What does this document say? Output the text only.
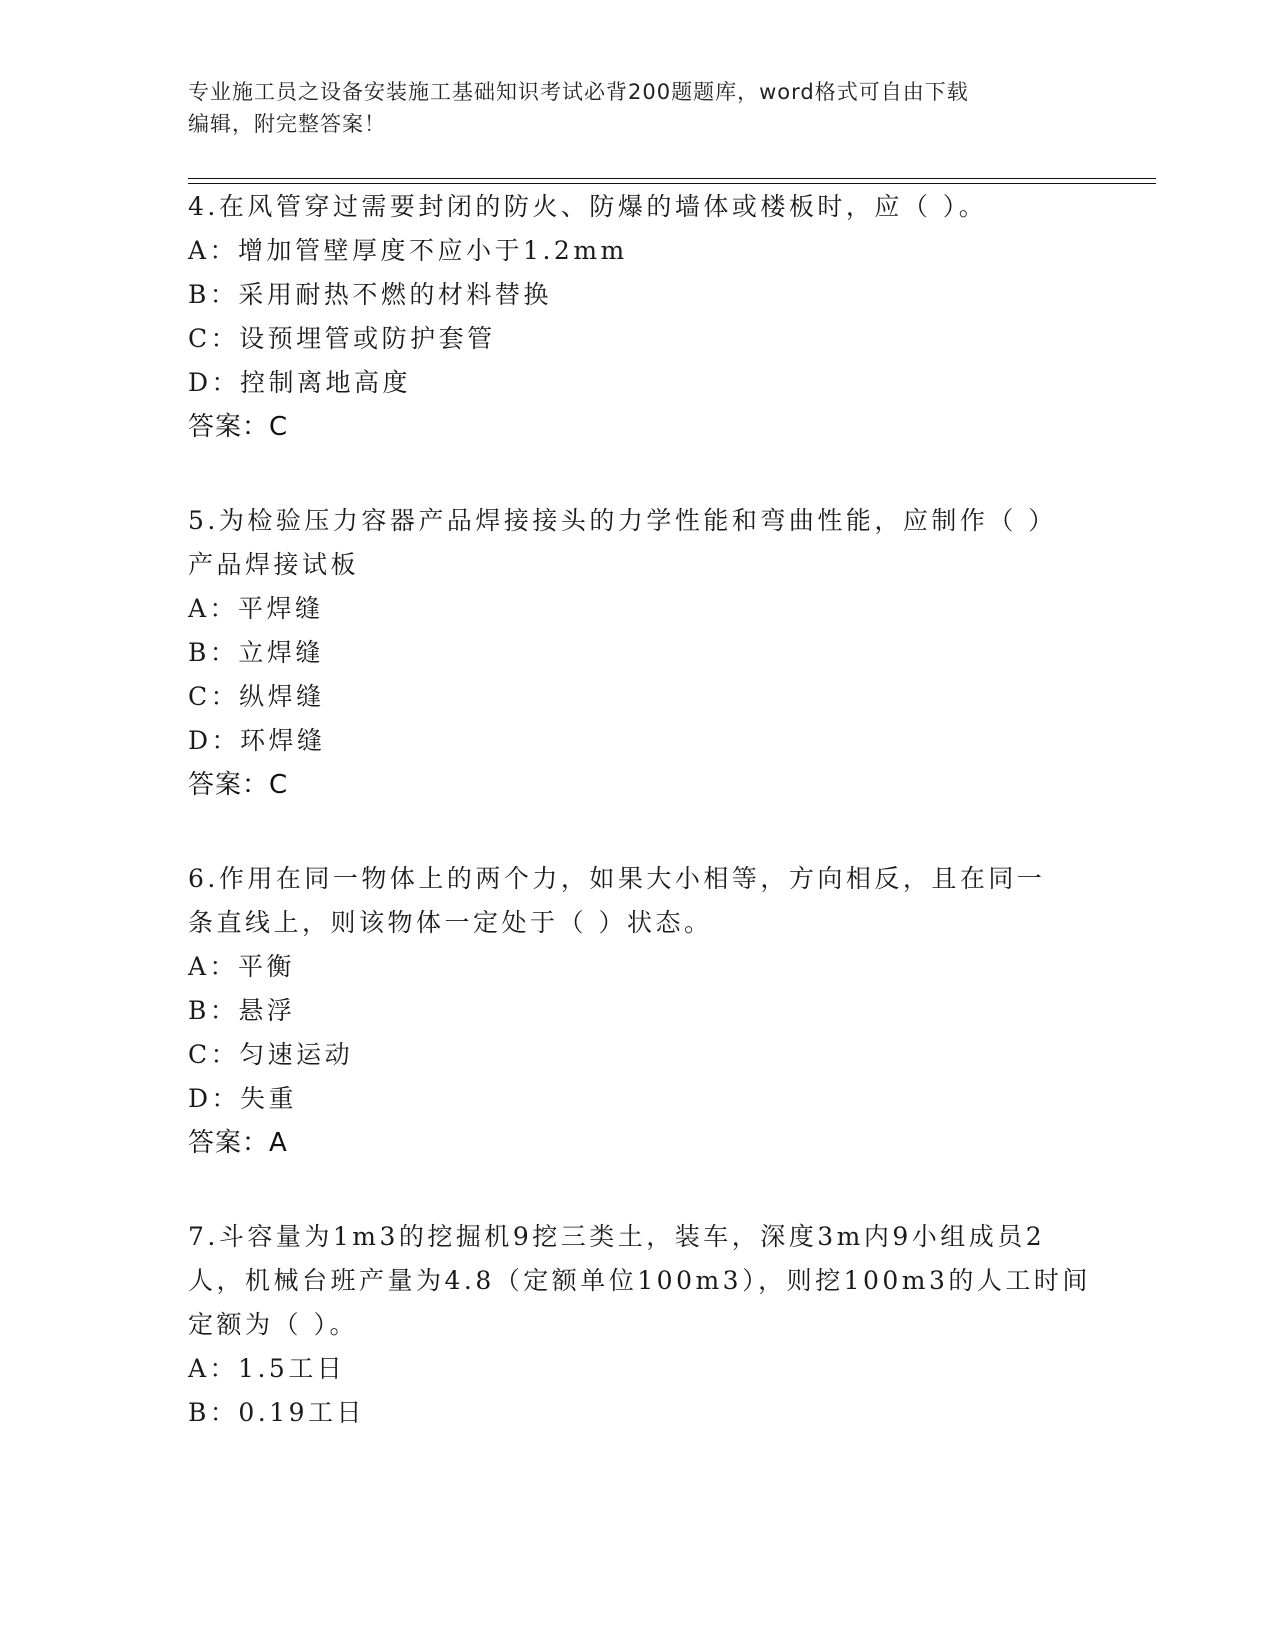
专业施工员之设备安装施工基础知识考试必背200题题库，word格式可自由下载
编辑，附完整答案！
4.在风管穿过需要封闭的防火、防爆的墙体或楼板时，应（ ）。
A：增加管壁厚度不应小于1.2mm
B：采用耐热不燃的材料替换
C：设预埋管或防护套管
D：控制离地高度
答案：C
5.为检验压力容器产品焊接接头的力学性能和弯曲性能，应制作（ ）
产品焊接试板
A：平焊缝
B：立焊缝
C：纵焊缝
D：环焊缝
答案：C
6.作用在同一物体上的两个力，如果大小相等，方向相反，且在同一
条直线上，则该物体一定处于（ ）状态。
A：平衡
B：悬浮
C：匀速运动
D：失重
答案：A
7.斗容量为1m3的挖掘机9挖三类土，装车，深度3m内9小组成员2
人，机械台班产量为4.8（定额单位100m3），则挖100m3的人工时间
定额为（ ）。
A：1.5工日
B：0.19工日
